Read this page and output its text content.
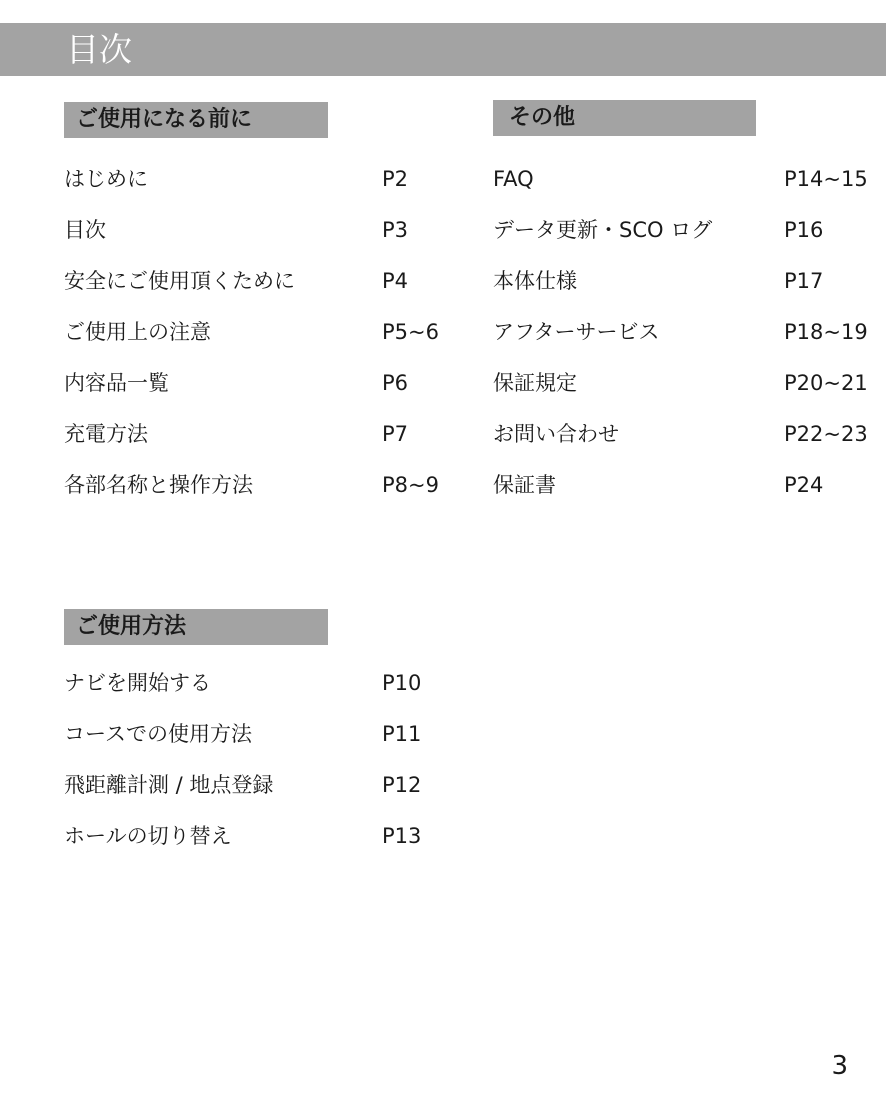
目次
ご使用になる前に
はじめに	P2
目次	P3
安全にご使用頂くために	P4
ご使用上の注意	P5~6
内容品一覧	P6
充電方法	P7
各部名称と操作方法	P8~9
その他
FAQ	P14~15
データ更新・SCO ログ	P16
本体仕様	P17
アフターサービス	P18~19
保証規定	P20~21
お問い合わせ	P22~23
保証書	P24
ご使用方法
ナビを開始する	P10
コースでの使用方法	P11
飛距離計測 / 地点登録	P12
ホールの切り替え	P13
3
